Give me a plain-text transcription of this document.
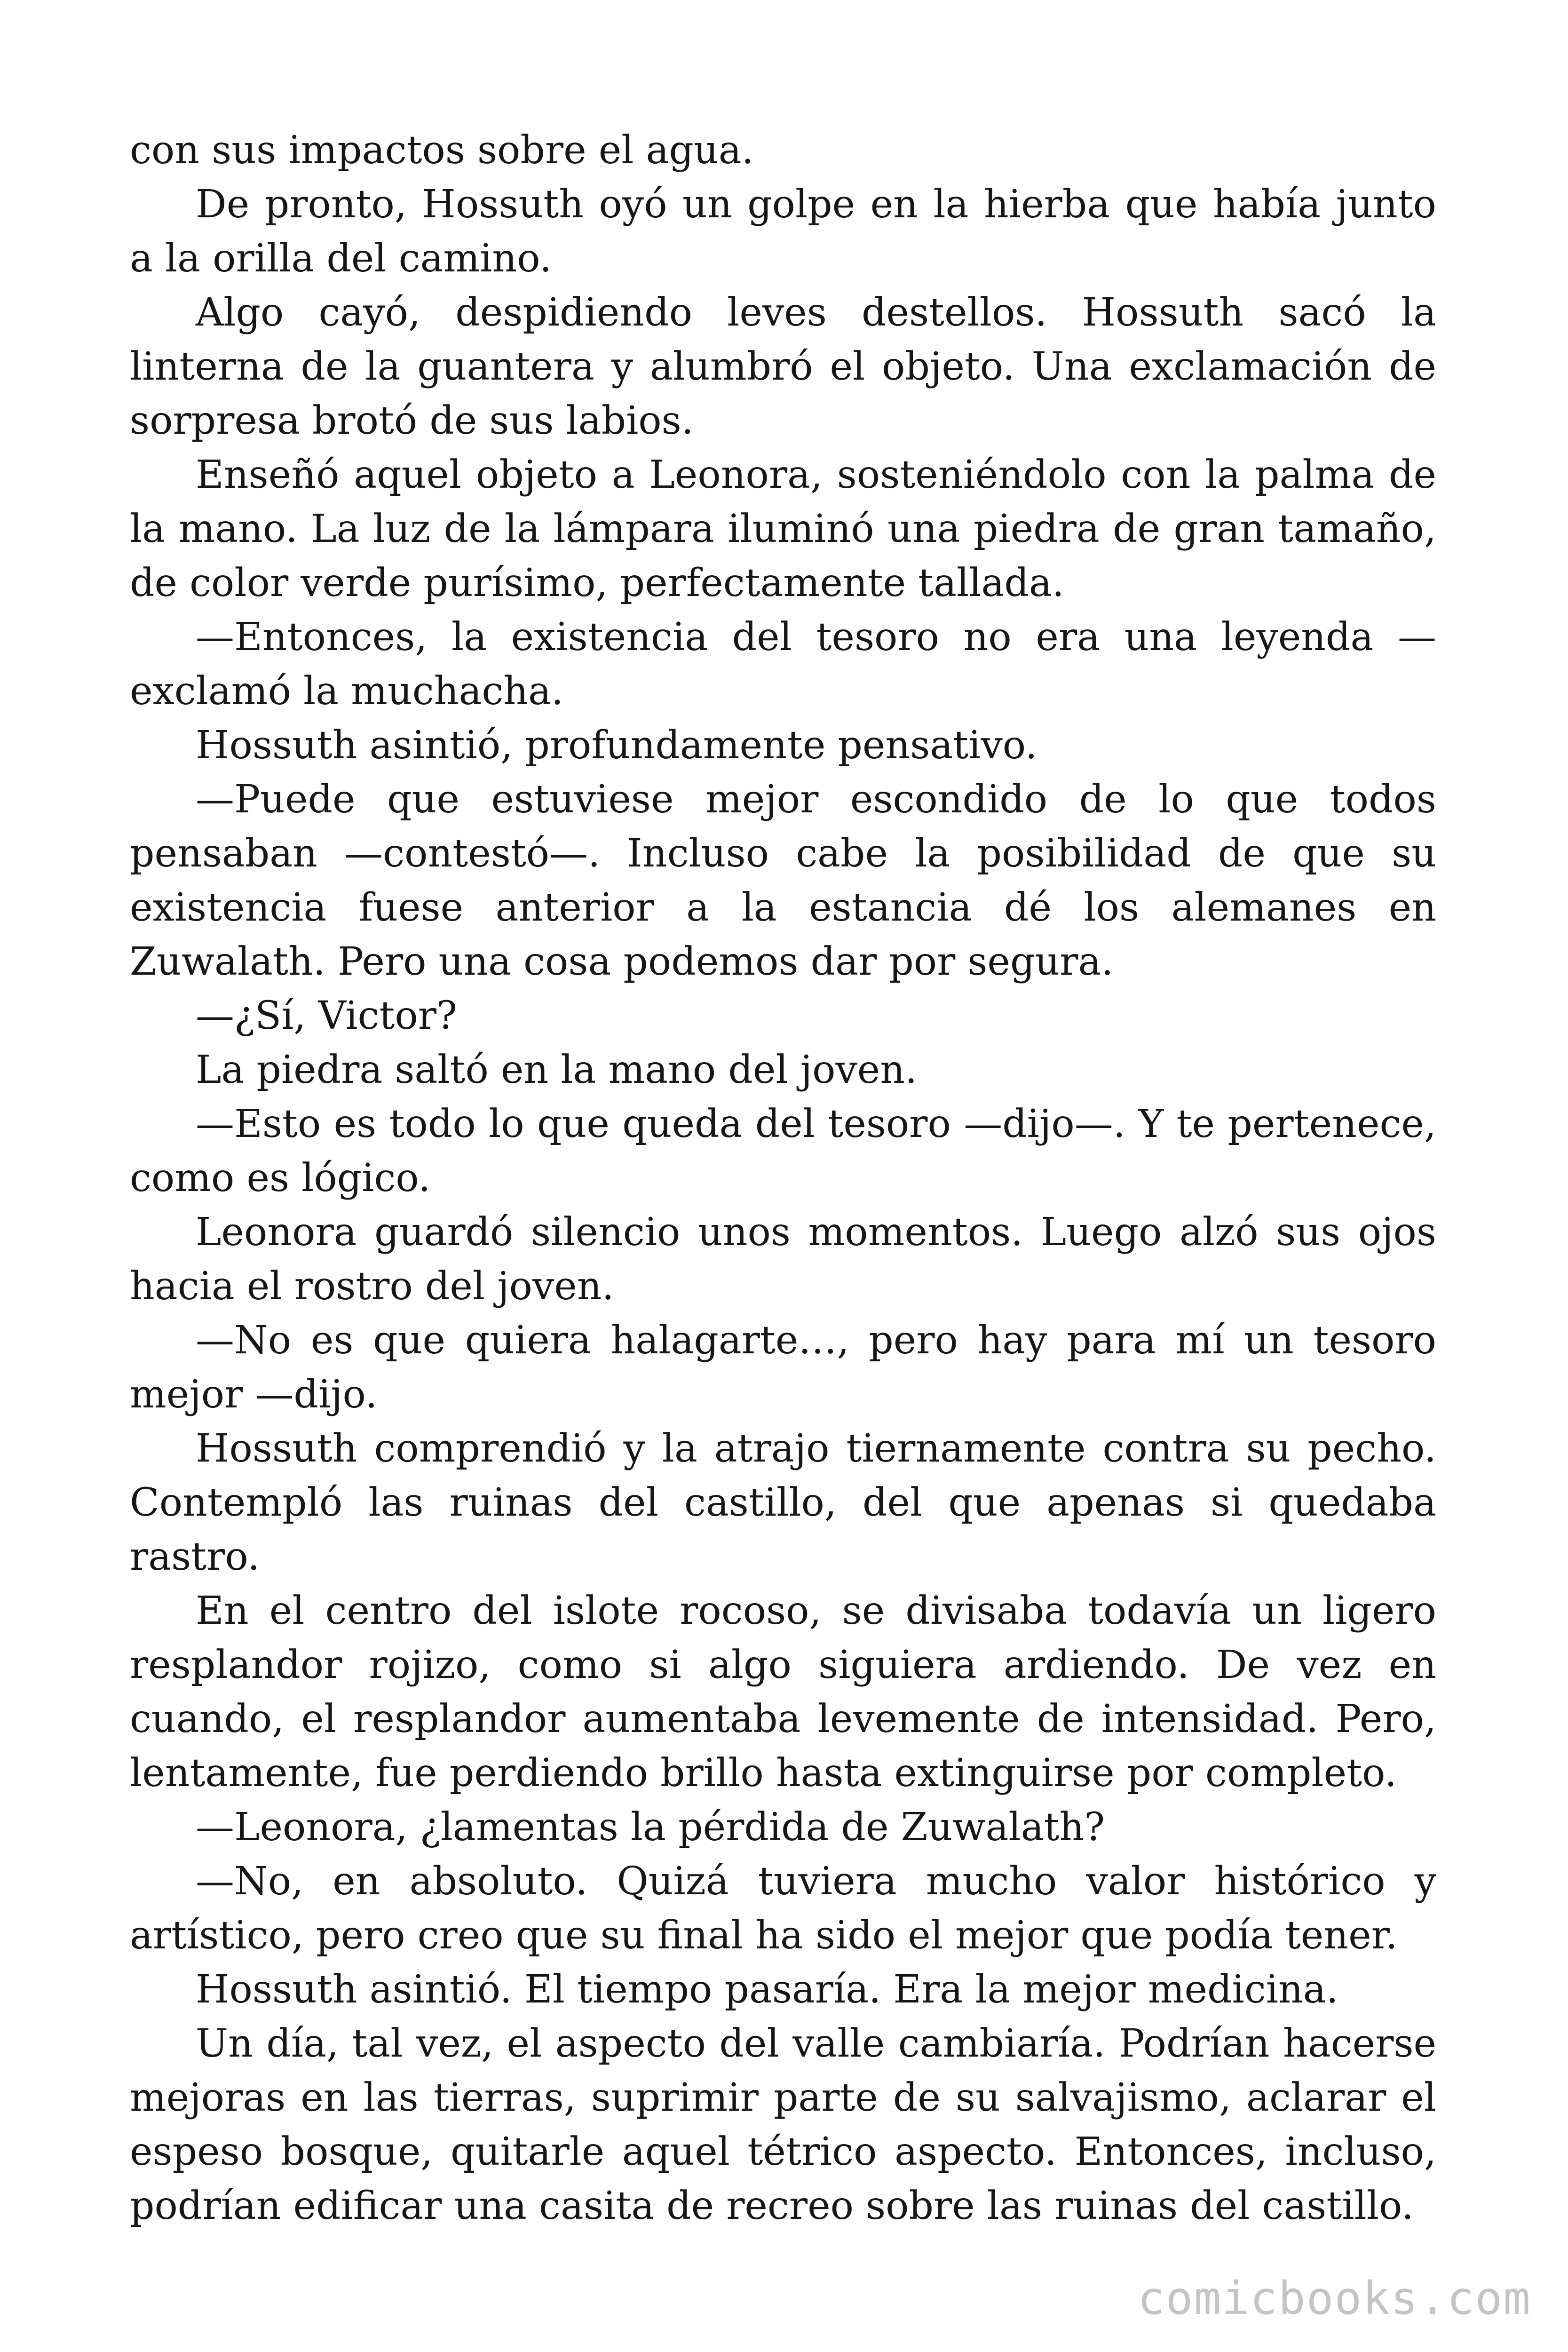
con sus impactos sobre el agua.

De pronto, Hossuth oyó un golpe en la hierba que había junto a la orilla del camino.

Algo cayó, despidiendo leves destellos. Hossuth sacó la linterna de la guantera y alumbró el objeto. Una exclamación de sorpresa brotó de sus labios.

Enseñó aquel objeto a Leonora, sosteniéndolo con la palma de la mano. La luz de la lámpara iluminó una piedra de gran tamaño, de color verde purísimo, perfectamente tallada.

—Entonces, la existencia del tesoro no era una leyenda — exclamó la muchacha.

Hossuth asintió, profundamente pensativo.

—Puede que estuviese mejor escondido de lo que todos pensaban —contestó—. Incluso cabe la posibilidad de que su existencia fuese anterior a la estancia dé los alemanes en Zuwalath. Pero una cosa podemos dar por segura.

—¿Sí, Victor?

La piedra saltó en la mano del joven.

—Esto es todo lo que queda del tesoro —dijo—. Y te pertenece, como es lógico.

Leonora guardó silencio unos momentos. Luego alzó sus ojos hacia el rostro del joven.

—No es que quiera halagarte…, pero hay para mí un tesoro mejor —dijo.

Hossuth comprendió y la atrajo tiernamente contra su pecho. Contempló las ruinas del castillo, del que apenas si quedaba rastro.

En el centro del islote rocoso, se divisaba todavía un ligero resplandor rojizo, como si algo siguiera ardiendo. De vez en cuando, el resplandor aumentaba levemente de intensidad. Pero, lentamente, fue perdiendo brillo hasta extinguirse por completo.

—Leonora, ¿lamentas la pérdida de Zuwalath?

—No, en absoluto. Quizá tuviera mucho valor histórico y artístico, pero creo que su final ha sido el mejor que podía tener.

Hossuth asintió. El tiempo pasaría. Era la mejor medicina.

Un día, tal vez, el aspecto del valle cambiaría. Podrían hacerse mejoras en las tierras, suprimir parte de su salvajismo, aclarar el espeso bosque, quitarle aquel tétrico aspecto. Entonces, incluso, podrían edificar una casita de recreo sobre las ruinas del castillo.

comicbooks.com
